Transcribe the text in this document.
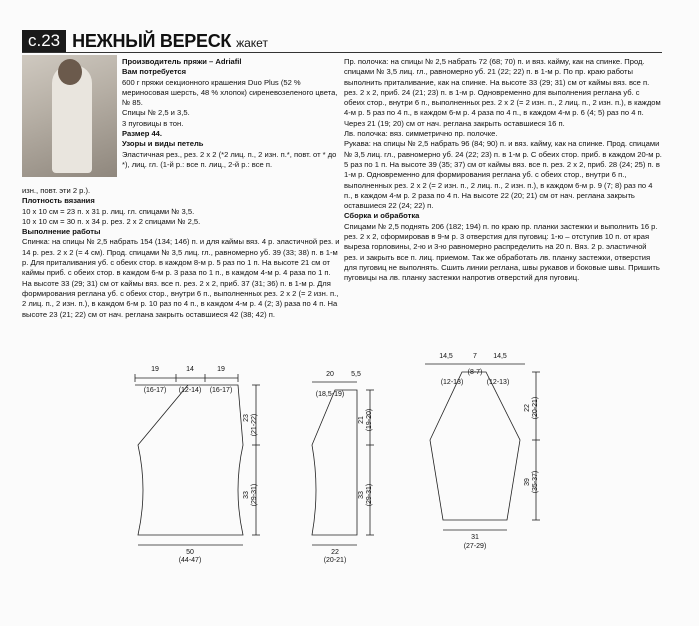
с.23 НЕЖНЫЙ ВЕРЕСК жакет
Производитель пряжи – Adriafil
Вам потребуется
600 г пряжи секционного крашения Duo Plus (52 % мериносовая шерсть, 48 % хлопок) сиреневозеленого цвета, № 85.
Спицы № 2,5 и 3,5.
3 пуговицы в тон.
Размер 44.
Узоры и виды петель
Эластичная рез., рез. 2 х 2 (*2 лиц. п., 2 изн. п.*, повт. от * до *), лиц. гл. (1-й р.: все п. лиц., 2-й р.: все п.
изн., повт. эти 2 р.).
Плотность вязания
10 х 10 см = 23 п. х 31 р. лиц. гл. спицами № 3,5.
10 х 10 см = 30 п. х 34 р. рез. 2 х 2 спицами № 2,5.
Выполнение работы
Спинка: на спицы № 2,5 набрать 154 (134; 146) п. и для каймы вяз. 4 р. эластичной рез. и 14 р. рез. 2 х 2 (= 4 см). Прод. спицами № 3,5 лиц. гл., равномерно уб. 39 (33; 38) п. в 1-м р. Для приталивания уб. с обеих стор. в каждом 8-м р. 5 раз по 1 п. На высоте 21 см от каймы приб. с обеих стор. в каждом 6-м р. 3 раза по 1 п., в каждом 4-м р. 4 раза по 1 п. На высоте 33 (29; 31) см от каймы вяз. все п. рез. 2 х 2, приб. 37 (31; 36) п. в 1-м р. Для формирования реглана уб. с обеих стор., внутри 6 п., выполненных рез. 2 х 2 (= 2 изн. п., 2 лиц. п., 2 изн. п.), в каждом 6-м р. 10 раз по 4 п., в каждом 4-м р. 4 (2; 3) раза по 4 п. На высоте 23 (21; 22) см от нач. реглана закрыть оставшиеся 42 (38; 42) п.
Пр. полочка: на спицы № 2,5 набрать 72 (68; 70) п. и вяз. кайму, как на спинке. Прод. спицами № 3,5 лиц. гл., равномерно уб. 21 (22; 22) п. в 1-м р. По пр. краю работы выполнить приталивание, как на спинке. На высоте 33 (29; 31) см от каймы вяз. все п. рез. 2 х 2, приб. 24 (21; 23) п. в 1-м р. Одновременно для выполнения реглана уб. с обеих стор., внутри 6 п., выполненных рез. 2 х 2 (= 2 изн. п., 2 лиц. п., 2 изн. п.), в каждом 4-м р. 5 раз по 4 п., в каждом 6-м р. 4 раза по 4 п., в каждом 4-м р. 6 (4; 5) раз по 4 п. Через 21 (19; 20) см от нач. реглана закрыть оставшиеся 16 п.
Лв. полочка: вяз. симметрично пр. полочке.
Рукава: на спицы № 2,5 набрать 96 (84; 90) п. и вяз. кайму, как на спинке. Прод. спицами № 3,5 лиц. гл., равномерно уб. 24 (22; 23) п. в 1-м р. С обеих стор. приб. в каждом 20-м р. 5 раз по 1 п. На высоте 39 (35; 37) см от каймы вяз. все п. рез. 2 х 2, приб. 28 (24; 25) п. в 1-м р. Одновременно для формирования реглана уб. с обеих стор., внутри 6 п., выполненных рез. 2 х 2 (= 2 изн. п., 2 лиц. п., 2 изн. п.), в каждом 6-м р. 9 (7; 8) раз по 4 п., в каждом 4-м р. 2 раза по 4 п. На высоте 22 (20; 21) см от нач. реглана закрыть оставшиеся 22 (24; 22) п.
Сборка и обработка
Спицами № 2,5 поднять 206 (182; 194) п. по краю пр. планки застежки и выполнить 16 р. рез. 2 х 2, сформировав в 9-м р. 3 отверстия для пуговиц: 1-ю – отступив 10 п. от края выреза горловины, 2-ю и 3-ю равномерно распределить на 20 п. Вяз. 2 р. эластичной рез. и закрыть все п. лиц. приемом. Так же обработать лв. планку застежки, отверстия для пуговиц не выполнять. Сшить линии реглана, швы рукавов и боковые швы. Пришить пуговицы на лв. планку застежки напротив отверстий для пуговиц.
19
(16-17)
14
(12-14)
19
(16-17)
23 (21-22)
33 (29-31)
50
(44-47)
20
(18,5-19)
5,5
21 (19-20)
33 (29-31)
22
(20-21)
14,5	7 14,5
(8-7)
(12-13)	(12-13)
22 (20-21)
39 (35-37)
31
(27-29)
